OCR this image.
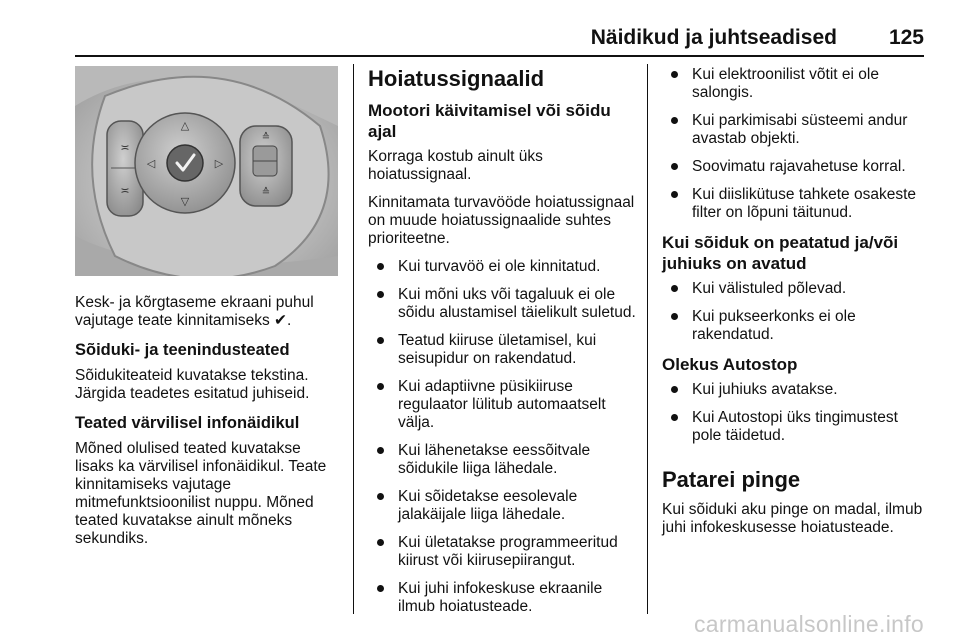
Näidikud ja juhtseadised 125
≍
≍
△
▽
◁	▷
≙
≙

Kesk- ja kõrgtaseme ekraani puhul vajutage teate kinnitamiseks ✔.

Sõiduki- ja teenindusteated

Sõidukiteateid kuvatakse tekstina. Järgida teadetes esitatud juhiseid.

Teated värvilisel infonäidikul

Mõned olulised teated kuvatakse lisaks ka värvilisel infonäidikul. Teate kinnitamiseks vajutage mitmefunktsioonilist nuppu. Mõned teated kuvatakse ainult mõneks sekundiks.

Hoiatussignaalid
Mootori käivitamisel või sõidu ajal

Korraga kostub ainult üks hoiatussignaal.

Kinnitamata turvavööde hoiatussignaal on muude hoiatussignaalide suhtes prioriteetne.

Kui turvavöö ei ole kinnitatud.
Kui mõni uks või tagaluuk ei ole sõidu alustamisel täielikult suletud.
Teatud kiiruse ületamisel, kui seisupidur on rakendatud.
Kui adaptiivne püsikiiruse regulaator lülitub automaatselt välja.
Kui lähenetakse eessõitvale sõidukile liiga lähedale.
Kui sõidetakse eesolevale jalakäijale liiga lähedale.
Kui ületatakse programmeeritud kiirust või kiirusepiirangut.
Kui juhi infokeskuse ekraanile ilmub hoiatusteade.
Kui elektroonilist võtit ei ole salongis.
Kui parkimisabi süsteemi andur avastab objekti.
Soovimatu rajavahetuse korral.
Kui diislikütuse tahkete osakeste filter on lõpuni täitunud.
Kui sõiduk on peatatud ja/või juhiuks on avatud
Kui välistuled põlevad.
Kui pukseerkonks ei ole rakendatud.
Olekus Autostop
Kui juhiuks avatakse.
Kui Autostopi üks tingimustest pole täidetud.
Patarei pinge

Kui sõiduki aku pinge on madal, ilmub juhi infokeskusesse hoiatusteade.

carmanualsonline.info
